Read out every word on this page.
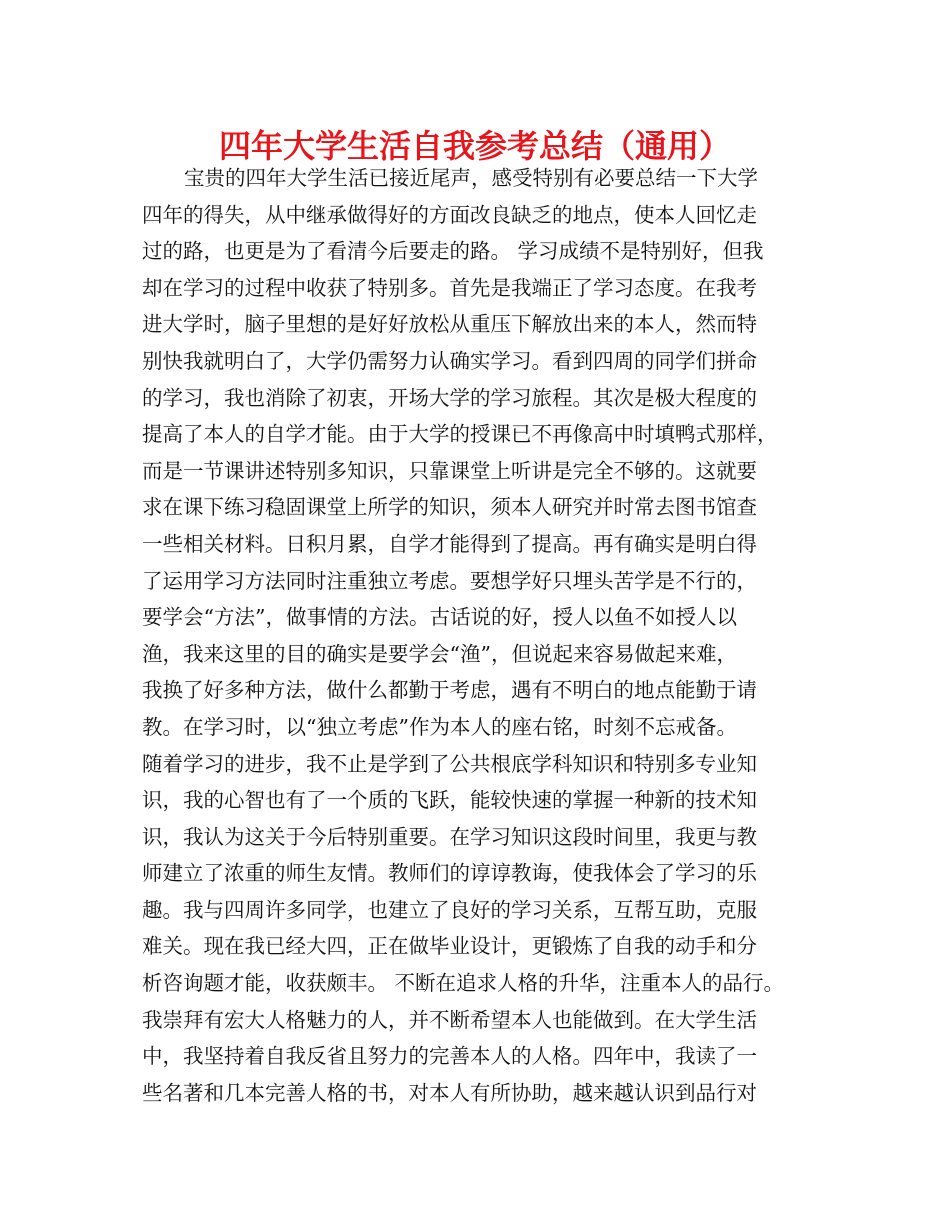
四年大学生活自我参考总结（通用）
宝贵的四年大学生活已接近尾声，感受特别有必要总结一下大学
四年的得失，从中继承做得好的方面改良缺乏的地点，使本人回忆走
过的路，也更是为了看清今后要走的路。 学习成绩不是特别好，但我
却在学习的过程中收获了特别多。首先是我端正了学习态度。在我考
进大学时，脑子里想的是好好放松从重压下解放出来的本人，然而特
别快我就明白了，大学仍需努力认确实学习。看到四周的同学们拼命
的学习，我也消除了初衷，开场大学的学习旅程。其次是极大程度的
提高了本人的自学才能。由于大学的授课已不再像高中时填鸭式那样，
而是一节课讲述特别多知识，只靠课堂上听讲是完全不够的。这就要
求在课下练习稳固课堂上所学的知识，须本人研究并时常去图书馆查
一些相关材料。日积月累，自学才能得到了提高。再有确实是明白得
了运用学习方法同时注重独立考虑。要想学好只埋头苦学是不行的，
要学会“方法”，做事情的方法。古话说的好，授人以鱼不如授人以
渔，我来这里的目的确实是要学会“渔”，但说起来容易做起来难，
我换了好多种方法，做什么都勤于考虑，遇有不明白的地点能勤于请
教。在学习时，以“独立考虑”作为本人的座右铭，时刻不忘戒备。
随着学习的进步，我不止是学到了公共根底学科知识和特别多专业知
识，我的心智也有了一个质的飞跃，能较快速的掌握一种新的技术知
识，我认为这关于今后特别重要。在学习知识这段时间里，我更与教
师建立了浓重的师生友情。教师们的谆谆教诲，使我体会了学习的乐
趣。我与四周许多同学，也建立了良好的学习关系，互帮互助，克服
难关。现在我已经大四，正在做毕业设计，更锻炼了自我的动手和分
析咨询题才能，收获颇丰。 不断在追求人格的升华，注重本人的品行。
我崇拜有宏大人格魅力的人，并不断希望本人也能做到。在大学生活
中，我坚持着自我反省且努力的完善本人的人格。四年中，我读了一
些名著和几本完善人格的书，对本人有所协助，越来越认识到品行对
